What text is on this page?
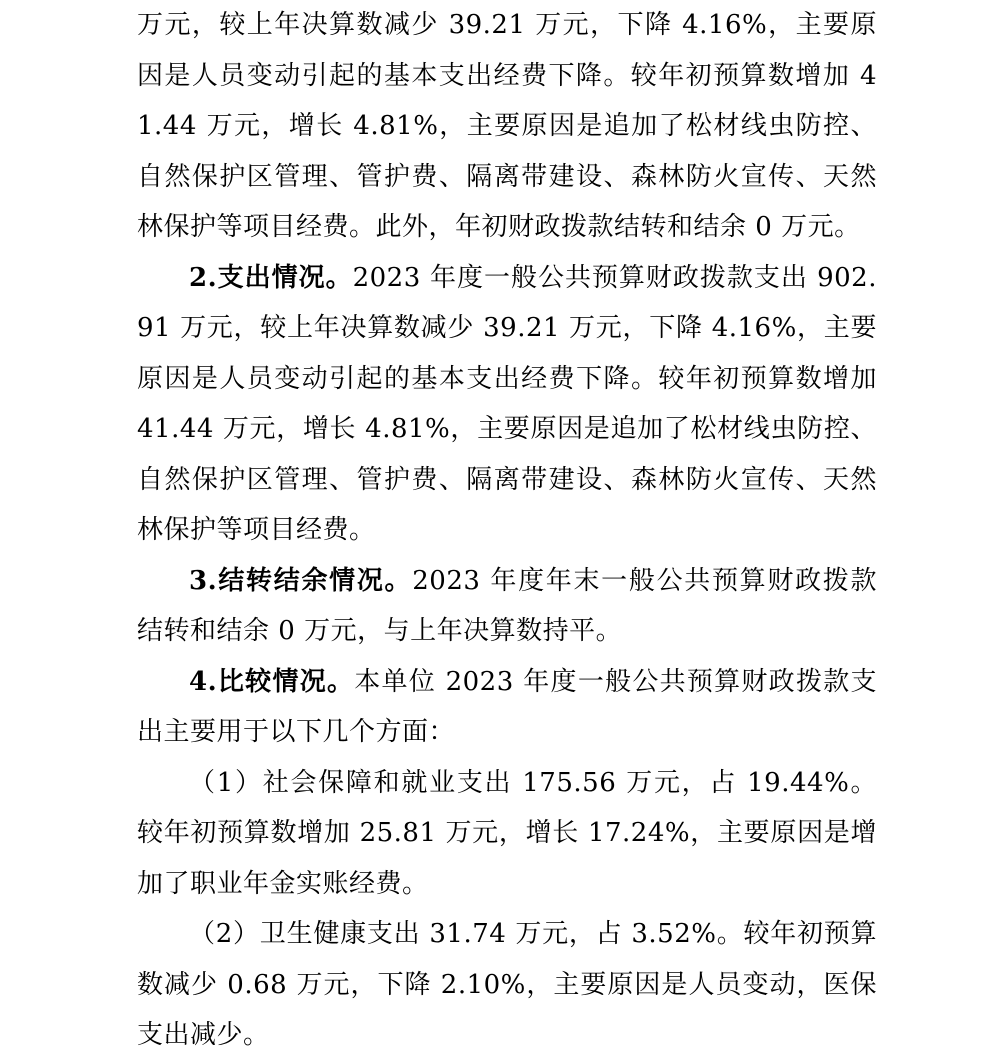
万元，较上年决算数减少 39.21 万元，下降 4.16%，主要原因是人员变动引起的基本支出经费下降。较年初预算数增加 41.44 万元，增长 4.81%，主要原因是追加了松材线虫防控、自然保护区管理、管护费、隔离带建设、森林防火宣传、天然林保护等项目经费。此外，年初财政拨款结转和结余 0 万元。

2.支出情况。2023 年度一般公共预算财政拨款支出 902.91 万元，较上年决算数减少 39.21 万元，下降 4.16%，主要原因是人员变动引起的基本支出经费下降。较年初预算数增加 41.44 万元，增长 4.81%，主要原因是追加了松材线虫防控、自然保护区管理、管护费、隔离带建设、森林防火宣传、天然林保护等项目经费。

3.结转结余情况。2023 年度年末一般公共预算财政拨款结转和结余 0 万元，与上年决算数持平。

4.比较情况。本单位 2023 年度一般公共预算财政拨款支出主要用于以下几个方面：

（1）社会保障和就业支出 175.56 万元，占 19.44%。较年初预算数增加 25.81 万元，增长 17.24%，主要原因是增加了职业年金实账经费。

（2）卫生健康支出 31.74 万元，占 3.52%。较年初预算数减少 0.68 万元，下降 2.10%，主要原因是人员变动，医保支出减少。
